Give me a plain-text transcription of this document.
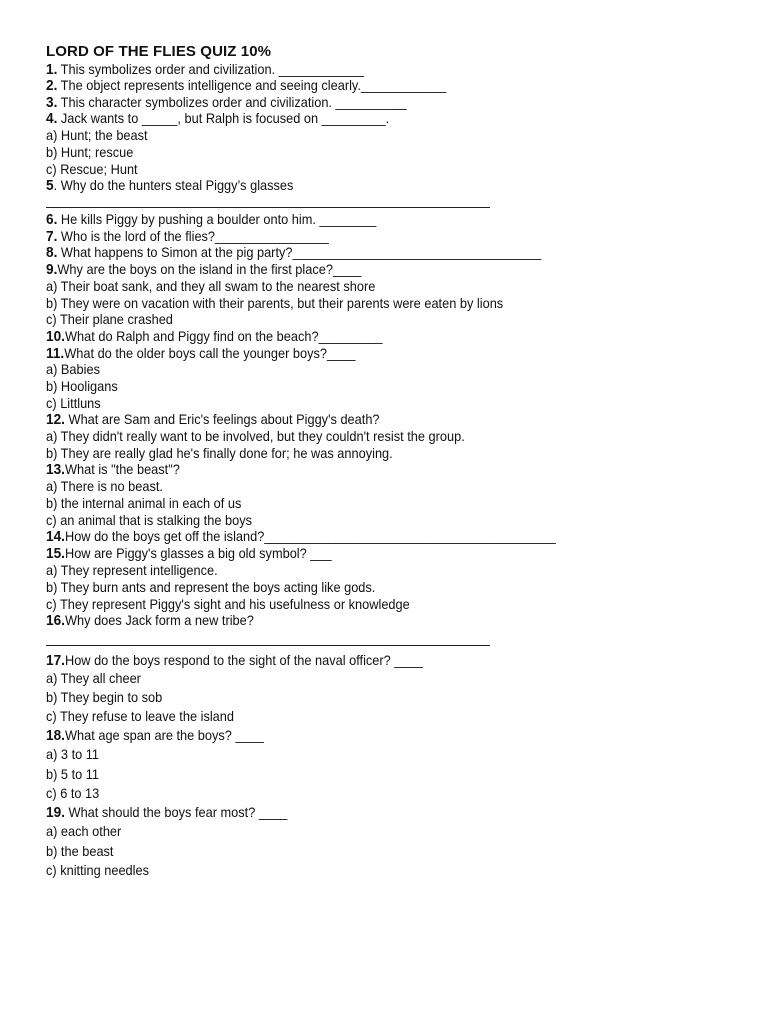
LORD OF THE FLIES QUIZ 10%
1. This symbolizes order and civilization. ____________
2. The object represents intelligence and seeing clearly.____________
3. This character symbolizes order and civilization. __________
4. Jack wants to _____, but Ralph is focused on _________.
a) Hunt; the beast
b) Hunt; rescue
c) Rescue; Hunt
5. Why do the hunters steal Piggy’s glasses
6. He kills Piggy by pushing a boulder onto him. ________
7. Who is the lord of the flies?________________
8. What happens to Simon at the pig party?___________________________________
9.Why are the boys on the island in the first place?____
a) Their boat sank, and they all swam to the nearest shore
b) They were on vacation with their parents, but their parents were eaten by lions
c) Their plane crashed
10.What do Ralph and Piggy find on the beach?_________
11.What do the older boys call the younger boys?____
a) Babies
b) Hooligans
c) Littluns
12. What are Sam and Eric's feelings about Piggy's death?
a) They didn't really want to be involved, but they couldn't resist the group.
b) They are really glad he's finally done for; he was annoying.
13.What is "the beast"?
a) There is no beast.
b) the internal animal in each of us
c) an animal that is stalking the boys
14.How do the boys get off the island?_________________________________________
15.How are Piggy's glasses a big old symbol? ___
a) They represent intelligence.
b) They burn ants and represent the boys acting like gods.
c) They represent Piggy's sight and his usefulness or knowledge
16.Why does Jack form a new tribe?
17.How do the boys respond to the sight of the naval officer? ____
a) They all cheer
b) They begin to sob
c) They refuse to leave the island
18.What age span are the boys? ____
a) 3 to 11
b) 5 to 11
c) 6 to 13
19. What should the boys fear most? ____
a) each other
b) the beast
c) knitting needles
